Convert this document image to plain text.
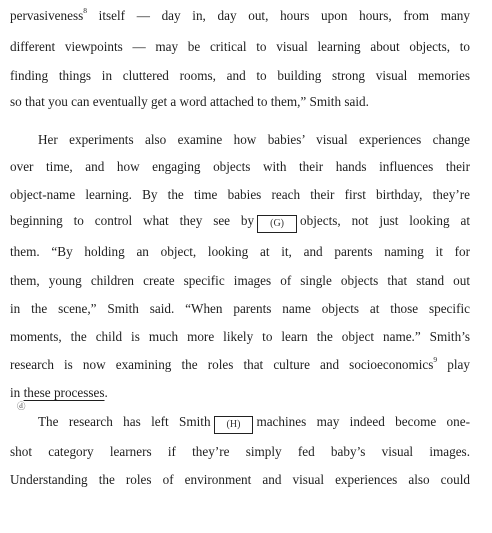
pervasiveness$^8$ itself — day in, day out, hours upon hours, from many

different viewpoints — may be critical to visual learning about objects, to

finding things in cluttered rooms, and to building strong visual memories

so that you can eventually get a word attached to them,” Smith said.

Her experiments also examine how babies’ visual experiences change

over time, and how engaging objects with their hands influences their

object-name learning. By the time babies reach their first birthday, they’re

beginning to control what they see by (G) objects, not just looking at

them. “By holding an object, looking at it, and parents naming it for

them, young children create specific images of single objects that stand out

in the scene,” Smith said. “When parents name objects at those specific

moments, the child is much more likely to learn the object name.” Smith’s

research is now examining the roles that culture and socioeconomics$^9$ play

in these processes.

ⓓ

The research has left Smith (H) machines may indeed become one-

shot category learners if they’re simply fed baby’s visual images.

Understanding the roles of environment and visual experiences also could
